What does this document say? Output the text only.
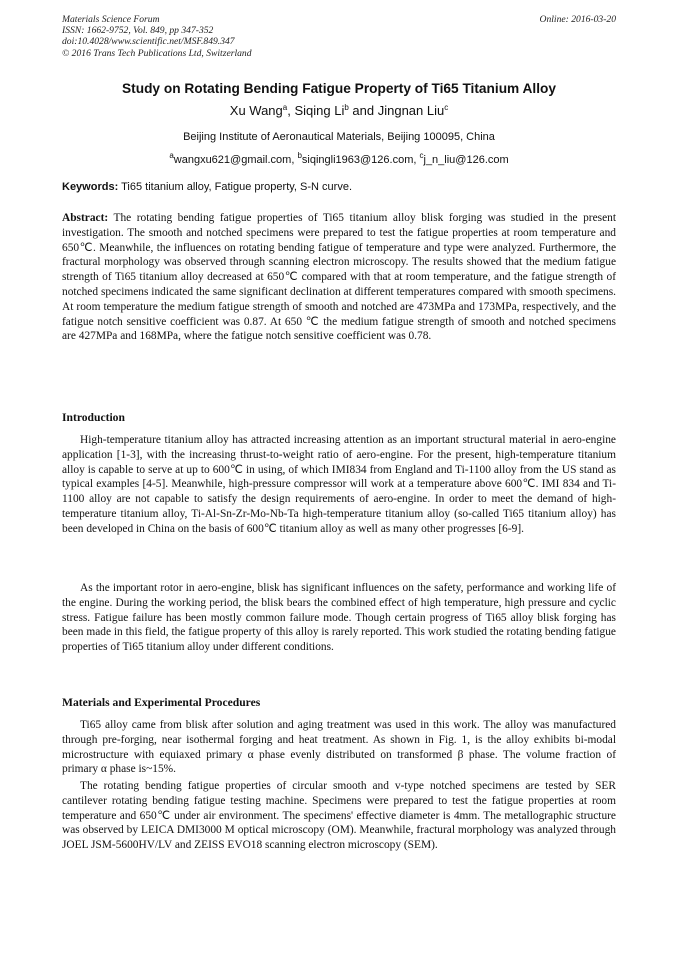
Materials Science Forum
ISSN: 1662-9752, Vol. 849, pp 347-352
doi:10.4028/www.scientific.net/MSF.849.347
© 2016 Trans Tech Publications Ltd, Switzerland
Online: 2016-03-20
Study on Rotating Bending Fatigue Property of Ti65 Titanium Alloy
Xu Wang$^a$, Siqing Li$^b$ and Jingnan Liu$^c$
Beijing Institute of Aeronautical Materials, Beijing 100095, China
$^a$wangxu621@gmail.com, $^b$siqingli1963@126.com, $^c$j_n_liu@126.com
Keywords: Ti65 titanium alloy, Fatigue property, S-N curve.
Abstract: The rotating bending fatigue properties of Ti65 titanium alloy blisk forging was studied in the present investigation. The smooth and notched specimens were prepared to test the fatigue properties at room temperature and 650℃. Meanwhile, the influences on rotating bending fatigue of temperature and type were analyzed. Furthermore, the fractural morphology was observed through scanning electron microscopy. The results showed that the medium fatigue strength of Ti65 titanium alloy decreased at 650℃ compared with that at room temperature, and the fatigue strength of notched specimens indicated the same significant declination at different temperatures compared with smooth specimens. At room temperature the medium fatigue strength of smooth and notched are 473MPa and 173MPa, respectively, and the fatigue notch sensitive coefficient was 0.87. At 650 ℃ the medium fatigue strength of smooth and notched specimens are 427MPa and 168MPa, where the fatigue notch sensitive coefficient was 0.78.
Introduction
High-temperature titanium alloy has attracted increasing attention as an important structural material in aero-engine application [1-3], with the increasing thrust-to-weight ratio of aero-engine. For the present, high-temperature titanium alloy is capable to serve at up to 600℃ in using, of which IMI834 from England and Ti-1100 alloy from the US stand as typical examples [4-5]. Meanwhile, high-pressure compressor will work at a temperature above 600℃. IMI 834 and Ti-1100 alloy are not capable to satisfy the design requirements of aero-engine. In order to meet the demand of high-temperature titanium alloy, Ti-Al-Sn-Zr-Mo-Nb-Ta high-temperature titanium alloy (so-called Ti65 titanium alloy) has been developed in China on the basis of 600℃ titanium alloy as well as many other progresses [6-9].
As the important rotor in aero-engine, blisk has significant influences on the safety, performance and working life of the engine. During the working period, the blisk bears the combined effect of high temperature, high pressure and cyclic stress. Fatigue failure has been mostly common failure mode. Though certain progress of Ti65 alloy blisk forging has been made in this field, the fatigue property of this alloy is rarely reported. This work studied the rotating bending fatigue properties of Ti65 titanium alloy under different conditions.
Materials and Experimental Procedures
Ti65 alloy came from blisk after solution and aging treatment was used in this work. The alloy was manufactured through pre-forging, near isothermal forging and heat treatment. As shown in Fig. 1, is the alloy exhibits bi-modal microstructure with equiaxed primary α phase evenly distributed on transformed β phase. The volume fraction of primary α phase is~15%.
The rotating bending fatigue properties of circular smooth and v-type notched specimens are tested by SER cantilever rotating bending fatigue testing machine. Specimens were prepared to test the fatigue properties at room temperature and 650℃ under air environment. The specimens' effective diameter is 4mm. The metallographic structure was observed by LEICA DMI3000 M optical microscopy (OM). Meanwhile, fractural morphology was analyzed through JOEL JSM-5600HV/LV and ZEISS EVO18 scanning electron microscopy (SEM).
